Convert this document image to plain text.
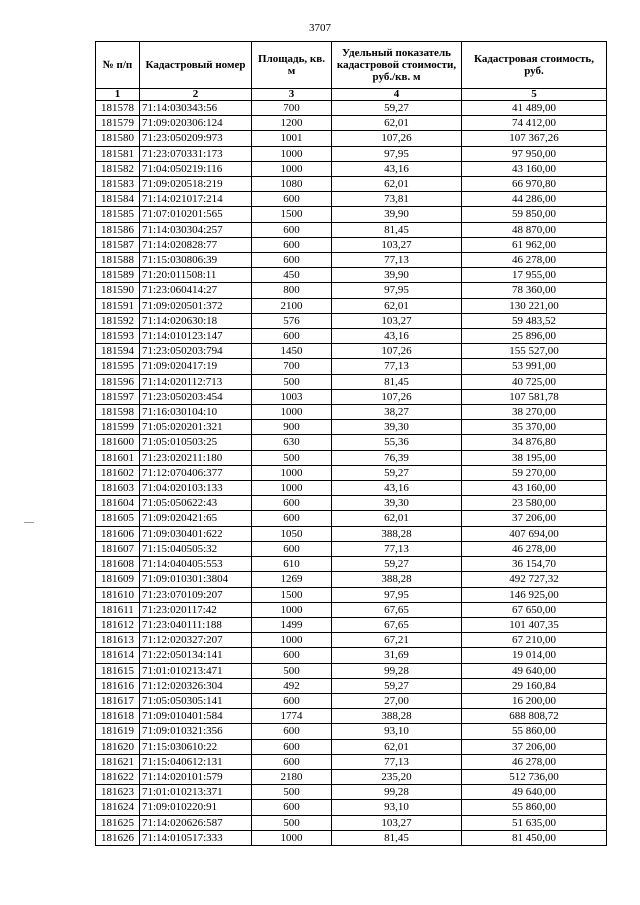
3707
№ п/п	Кадастровый номер	Площадь, кв. м	Удельный показатель кадастровой стоимости, руб./кв. м	Кадастровая стоимость, руб.
1	2	3	4	5
181578	71:14:030343:56	700	59,27	41 489,00
181579	71:09:020306:124	1200	62,01	74 412,00
181580	71:23:050209:973	1001	107,26	107 367,26
181581	71:23:070331:173	1000	97,95	97 950,00
181582	71:04:050219:116	1000	43,16	43 160,00
181583	71:09:020518:219	1080	62,01	66 970,80
181584	71:14:021017:214	600	73,81	44 286,00
181585	71:07:010201:565	1500	39,90	59 850,00
181586	71:14:030304:257	600	81,45	48 870,00
181587	71:14:020828:77	600	103,27	61 962,00
181588	71:15:030806:39	600	77,13	46 278,00
181589	71:20:011508:11	450	39,90	17 955,00
181590	71:23:060414:27	800	97,95	78 360,00
181591	71:09:020501:372	2100	62,01	130 221,00
181592	71:14:020630:18	576	103,27	59 483,52
181593	71:14:010123:147	600	43,16	25 896,00
181594	71:23:050203:794	1450	107,26	155 527,00
181595	71:09:020417:19	700	77,13	53 991,00
181596	71:14:020112:713	500	81,45	40 725,00
181597	71:23:050203:454	1003	107,26	107 581,78
181598	71:16:030104:10	1000	38,27	38 270,00
181599	71:05:020201:321	900	39,30	35 370,00
181600	71:05:010503:25	630	55,36	34 876,80
181601	71:23:020211:180	500	76,39	38 195,00
181602	71:12:070406:377	1000	59,27	59 270,00
181603	71:04:020103:133	1000	43,16	43 160,00
181604	71:05:050622:43	600	39,30	23 580,00
181605	71:09:020421:65	600	62,01	37 206,00
181606	71:09:030401:622	1050	388,28	407 694,00
181607	71:15:040505:32	600	77,13	46 278,00
181608	71:14:040405:553	610	59,27	36 154,70
181609	71:09:010301:3804	1269	388,28	492 727,32
181610	71:23:070109:207	1500	97,95	146 925,00
181611	71:23:020117:42	1000	67,65	67 650,00
181612	71:23:040111:188	1499	67,65	101 407,35
181613	71:12:020327:207	1000	67,21	67 210,00
181614	71:22:050134:141	600	31,69	19 014,00
181615	71:01:010213:471	500	99,28	49 640,00
181616	71:12:020326:304	492	59,27	29 160,84
181617	71:05:050305:141	600	27,00	16 200,00
181618	71:09:010401:584	1774	388,28	688 808,72
181619	71:09:010321:356	600	93,10	55 860,00
181620	71:15:030610:22	600	62,01	37 206,00
181621	71:15:040612:131	600	77,13	46 278,00
181622	71:14:020101:579	2180	235,20	512 736,00
181623	71:01:010213:371	500	99,28	49 640,00
181624	71:09:010220:91	600	93,10	55 860,00
181625	71:14:020626:587	500	103,27	51 635,00
181626	71:14:010517:333	1000	81,45	81 450,00
